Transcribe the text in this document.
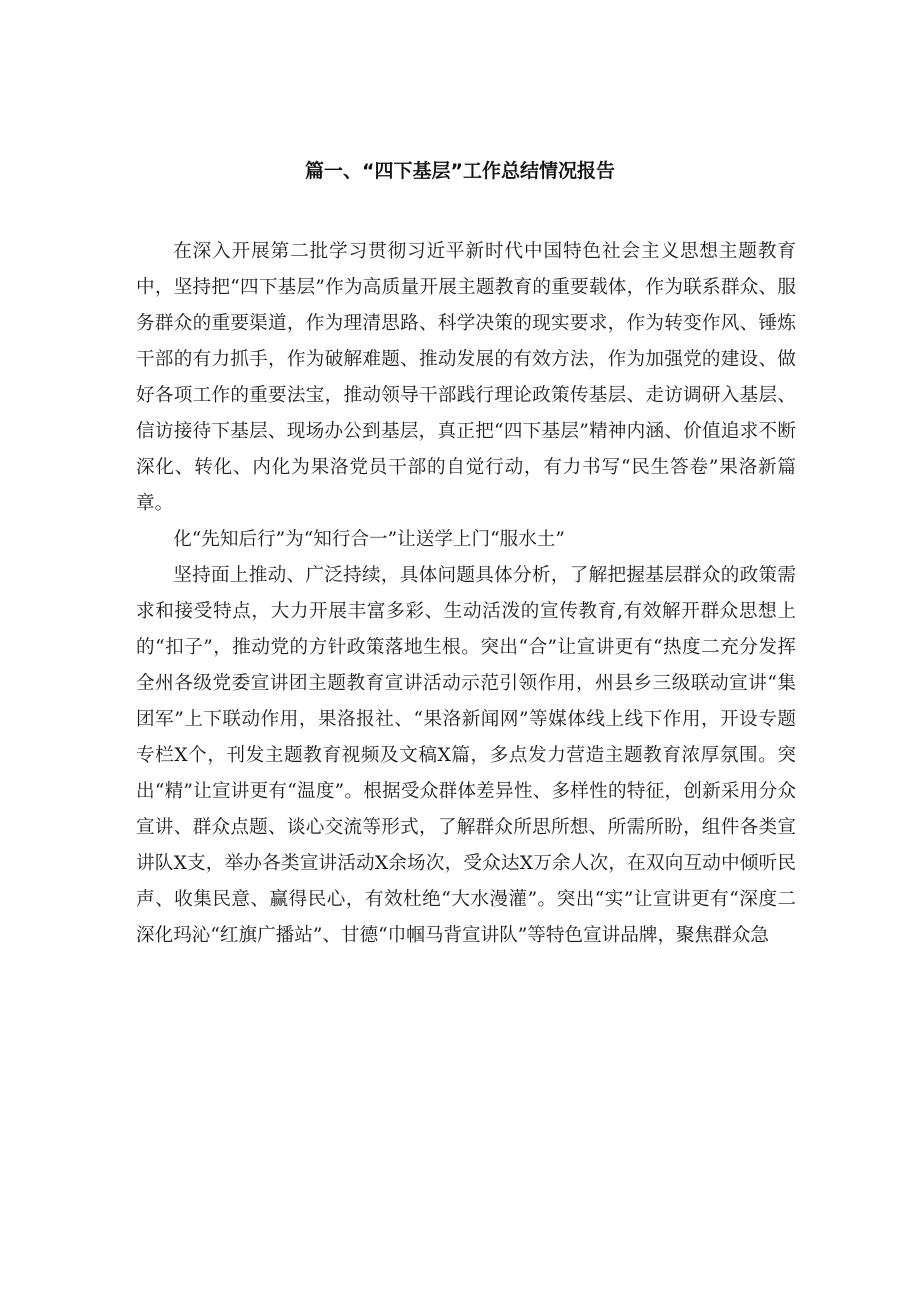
篇一、“四下基层”工作总结情况报告

在深入开展第二批学习贯彻习近平新时代中国特色社会主义思想主题教育中，坚持把“四下基层”作为高质量开展主题教育的重要载体，作为联系群众、服务群众的重要渠道，作为理清思路、科学决策的现实要求，作为转变作风、锤炼干部的有力抓手，作为破解难题、推动发展的有效方法，作为加强党的建设、做好各项工作的重要法宝，推动领导干部践行理论政策传基层、走访调研入基层、信访接待下基层、现场办公到基层，真正把“四下基层”精神内涵、价值追求不断深化、转化、内化为果洛党员干部的自觉行动，有力书写“民生答卷”果洛新篇章。

化“先知后行”为“知行合一”让送学上门“服水土”

坚持面上推动、广泛持续，具体问题具体分析，了解把握基层群众的政策需求和接受特点，大力开展丰富多彩、生动活泼的宣传教育,有效解开群众思想上的“扣子”，推动党的方针政策落地生根。突出“合”让宣讲更有“热度二充分发挥全州各级党委宣讲团主题教育宣讲活动示范引领作用，州县乡三级联动宣讲“集团军”上下联动作用，果洛报社、“果洛新闻网”等媒体线上线下作用，开设专题专栏X个，刊发主题教育视频及文稿X篇，多点发力营造主题教育浓厚氛围。突出“精”让宣讲更有“温度”。根据受众群体差异性、多样性的特征，创新采用分众宣讲、群众点题、谈心交流等形式，了解群众所思所想、所需所盼，组件各类宣讲队X支，举办各类宣讲活动X余场次，受众达X万余人次，在双向互动中倾听民声、收集民意、赢得民心，有效杜绝“大水漫灌”。突出“实”让宣讲更有“深度二深化玛沁“红旗广播站”、甘德“巾帼马背宣讲队”等特色宣讲品牌，聚焦群众急
